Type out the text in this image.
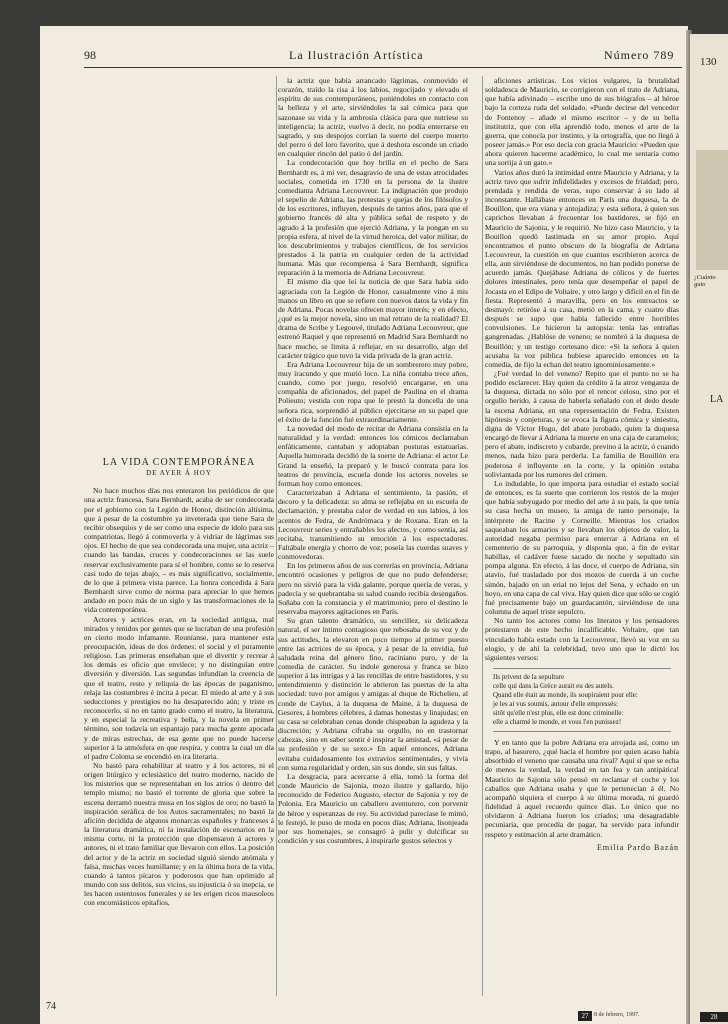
98	La Ilustración Artística	Número 789

LA VIDA CONTEMPORÁNEA

DE AYER Á HOY

No hace muchos días nos enteraron los periódicos de que una actriz francesa, Sara Bernhardt, acaba de ser condecorada por el gobierno con la Legión de Honor, distinción altísima, que á pesar de la costumbre ya inveterada que tiene Sara de recibir obsequios y de ser como una especie de ídolo para sus compatriotas, llegó á conmoverla y á vidriar de lágrimas sus ojos. El hecho de que sea condecorada una mujer, una actriz – cuando las bandas, cruces y condecoraciones se las suele reservar exclusivamente para sí el hombre, como se lo reserva casi todo de tejas abajo, – es más significativo, socialmente, de lo que á primera vista parece. La honra concedida á Sara Bernhardt sirve como de norma para apreciar lo que hemos andado en poco más de un siglo y las transformaciones de la vida contemporánea.

Actores y actrices eran, en la sociedad antigua, mal mirados y tenidos por gentes que se lucraban de una profesión en cierto modo infamante. Reuníanse, para mantener esta preocupación, ideas de dos órdenes: el social y el puramente religioso. Las primeras enseñaban que el divertir y recrear á los demás es oficio que envilece; y no distinguían entre diversión y diversión. Las segundas infundían la creencia de que el teatro, resto y reliquia de las épocas de paganismo, relaja las costumbres é incita á pecar. El miedo al arte y á sus seducciones y prestigios no ha desaparecido aún; y triste es reconocerlo, si no en tanto grado como el teatro, la literatura, y en especial la recreativa y bella, y la novela en primer término, son todavía un espantajo para mucha gente apocada y de miras estrechas, de esa gente que no puede hacerse superior á la atmósfera en que respira, y contra la cual un día el padre Coloma se encendió en ira literaria.

No bastó para rehabilitar al teatro y á los actores, ni el origen litúrgico y eclesiástico del teatro moderno, nacido de los misterios que se representaban en los atrios ó dentro del templo mismo; no bastó el torrente de gloria que sobre la escena derramó nuestra musa en los siglos de oro; no bastó la inspiración seráfica de los Autos sacramentales; no bastó la afición decidida de algunos monarcas españoles y franceses á la literatura dramática, ni la instalación de escenarios en la misma corte, ni la protección que dispensaron á actores y autores, ni el trato familiar que llevaron con ellos. La posición del actor y de la actriz en sociedad siguió siendo anómala y falsa, muchas veces humillante; y en la última hora de la vida, cuando á tantos pícaros y poderosos que han oprimido al mundo con sus delitos, sus vicios, su injusticia ó su inepcia, se les hacen ostentosos funerales y se les erigen ricos mausoleos con encomiásticos epitafios,

la actriz que había arrancado lágrimas, conmovido el corazón, traído la risa á los labios, regocijado y elevado el espíritu de sus contemporáneos, poniéndoles en contacto con la belleza y el arte, sirviéndoles la sal cómica para que sazonase su vida y la ambrosía clásica para que nutriese su inteligencia; la actriz, vuelvo á decir, no podía enterrarse en sagrado, y sus despojos corrían la suerte del cuerpo muerto del perro ó del loro favorito, que á deshora esconde un criado en cualquier rincón del patio ó del jardín.

La condecoración que hoy brilla en el pecho de Sara Bernhardt es, á mi ver, desagravio de una de estas atrocidades sociales, cometida en 1730 en la persona de la ilustre comedianta Adriana Lecouvreur. La indignación que produjo el sepelio de Adriana, las protestas y quejas de los filósofos y de los escritores, influyen, después de tantos años, para que el gobierno francés dé alta y pública señal de respeto y de agrado á la profesión que ejerció Adriana, y la pongan en su propia esfera, al nivel de la virtud heroica, del valor militar, de los descubrimientos y trabajos científicos, de los servicios prestados á la patria en cualquier orden de la actividad humana. Más que recompensa á Sara Bernhardt, significa reparación á la memoria de Adriana Lecouvreur.

El mismo día que leí la noticia de que Sara había sido agraciada con la Legión de Honor, casualmente vino á mis manos un libro en que se refiere con nuevos datos la vida y fin de Adriana. Pocas novelas ofrecen mayor interés; y en efecto, ¿qué es la mejor novela, sino un mal retrato de la realidad? El drama de Scribe y Legouvé, titulado Adriana Lecouvreur, que estrenó Raquel y que representó en Madrid Sara Bernhardt no hace mucho, se limita á reflejar, en su desarrollo, algo del carácter trágico que tuvo la vida privada de la gran actriz.

Era Adriana Lecouvreur hija de un sombrerero muy pobre, muy iracundo y que murió loco. La niña contaba trece años, cuando, como por juego, resolvió encargarse, en una compañía de aficionados, del papel de Paulina en el drama Polieuto; vestida con ropa que le prestó la doncella de una señora rica, sorprendió al público ejercitarse en su papel que el éxito de la función fué extraordinariamente.

La novedad del modo de recitar de Adriana consistía en la naturalidad y la verdad: entonces los cómicos declamaban enfáticamente, cantaban y adoptaban posturas estatuarias. Aquella humorada decidió de la suerte de Adriana: el actor Le Grand la enseñó, la preparó y le buscó contrata para los teatros de provincia, escuela donde los actores noveles se forman hoy como entonces.

Caracterizaban á Adriana el sentimiento, la pasión, el decoro y la delicadeza: su alma se reflejaba en su escuela de declamación, y prestaba calor de verdad en sus labios, á los acentos de Fedra, de Andrómaca y de Roxana. Eran en la Lecouvreur series y entrañables los afectos, y como sentía, así recitaba, transmitiendo su emoción á los espectadores. Faltábale energía y chorro de voz; poseía las cuerdas suaves y conmovedoras.

En los primeros años de sus correrías en provincia, Adriana encontró ocasiones y peligros de que no pudo defenderse; pero no sirvió para la vida galante, porque quería de veras, y padecía y se quebrantaba su salud cuando recibía desengaños. Soñaba con la constancia y el matrimonio; pero el destino le reservaba mayores agitaciones en París.

Su gran talento dramático, su sencillez, su delicadeza natural, el ser íntimo contagioso que rebosaba de su voz y de sus actitudes, la elevaron en poco tiempo al primer puesto entre las actrices de su época, y á pesar de la envidia, fué saludada reina del género fino, raciniano puro, y de la comedia de carácter. Su índole generosa y franca se hizo superior á las intrigas y á las rencillas de entre bastidores, y su entendimiento y distinción le abrieron las puertas de la alta sociedad: tuvo por amigos y amigas al duque de Richelieu, al conde de Caylus, á la duquesa de Maine, á la duquesa de Gesores, á hombres célebres, á damas honestas y linajudas; en su casa se celebraban cenas donde chispeaban la agudeza y la discreción; y Adriana cifraba su orgullo, no en trastornar cabezas, sino en saber sentir é inspirar la amistad, «á pesar de su profesión y de su sexo.» En aquel entonces, Adriana evitaba cuidadosamente los extravíos sentimentales, y vivía con suma regularidad y orden, sin sus donde, sin sus faltas.

La desgracia, para acercarse á ella, tomó la forma del conde Mauricio de Sajonia, mozo ilustre y gallardo, hijo reconocido de Federico Augusto, elector de Sajonia y rey de Polonia. Era Mauricio un caballero aventurero, con porvenir de héroe y esperanzas de rey. Su actividad parecíase le mimó, le festejó, le puso de moda en pocos días; Adriana, lisonjeada por sus homenajes, se consagró á pulir y dulcificar su condición y sus costumbres, á inspirarle gustos selectos y

aficiones artísticas. Los vicios vulgares, la brutalidad soldadesca de Mauricio, se corrigieron con el trato de Adriana, que había adivinado – escribe uno de sus biógrafos – al héroe bajo la corteza ruda del soldado. «Puede decirse del vencedor de Fontenoy – añade el mismo escritor – y de su bella institutriz, que con ella aprendió todo, menos el arte de la guerra, que conocía por instinto, y la ortografía, que no llegó á poseer jamás.» Por eso decía con gracia Mauricio: «Pueden que ahora quieren hacerme académico, lo cual me sentaría como una sortija á un gato.»

Varios años duró la intimidad entre Mauricio y Adriana, y la actriz tuvo que sufrir infidelidades y excesos de frialdad; pero, prendada y rendida de veras, supo conservar á su lado al inconstante. Hallábase entonces en París una duquesa, la de Bouillon, que era viana y antojadiza; y esta señora, á quien sus caprichos llevaban á frecuentar los bastidores, se fijó en Mauricio de Sajonia, y le requirió. No hizo caso Mauricio, y la Bouillon quedó lastimada en su amor propio. Aquí encontramos el punto obscuro de la biografía de Adriana Lecouvreur, la cuestión en que cuantos escribieron acerca de ella, aun sirviéndose de documentos, no han podido ponerse de acuerdo jamás. Quejábase Adriana de cólicos y de fuertes dolores intestinales, pero tenía que desempeñar el papel de Jocasta en el Edipo de Voltaire, y otro largo y difícil en el fin de fiesta. Representó á maravilla, pero en los entreactos se desmayó: retiróse á su casa, metió en la cama, y cuatro días después se supo que había fallecido entre horribles convulsiones. Le hicieron la autopsia: tenía las entrañas gangrenadas. ¿Hablóse de veneno; se nombró á la duquesa de Bouillón; y un testigo cortesano dice: «Si la señora á quien acusaba la voz pública hubiese aparecido entonces en la comedia, de fijo la echan del teatro ignominiosamente.»

¿Fué verdad lo del veneno? Repito que el punto no se ha podido esclarecer. Hay quien da crédito á la atroz venganza de la duquesa, dictada no sólo por el rencor celoso, sino por el orgullo herido, á causa de haberla señalado con el dedo desde la escena Adriana, en una representación de Fedra. Existen hipótesis y conjeturas, y se evoca la figura cómica y siniestra, digna de Víctor Hugo, del abate jorobado, quien la duquesa encargó de llevar á Adriana la muerte en una caja de caramelos; pero el abate, indiscreto y cobarde, previno á la actriz, ó cuando menos, nada hizo para perderla. La familia de Bouillón era poderosa é influyente en la corte, y la opinión estaba soliviantada por los rumores del crimen.

Lo indudable, lo que importa para estudiar el estado social de entonces, es la suerte que corrieron los restos de la mujer que había subyugado por medio del arte á su país, la que tenía su casa hecha un museo, la amiga de tanto personaje, la intérprete de Racine y Corneille. Mientras los criados saqueaban los armarios y se llevaban los objetos de valor, la autoridad negaba permiso para enterrar á Adriana en el cementerio de su parroquia, y disponía que, á fin de evitar habillas, el cadáver fuese sacado de noche y sepultado sin pompa alguna. En efecto, á las doce, el cuerpo de Adriana, sin atavío, fué trasladado por dos mozos de cuerda á un coche simón, bajado en un erial no lejos del Sena, y echado en un hoyo, en una capa de cal viva. Hay quien dice que sólo se cogió fué precisamente bajo un guardacantón, sirviéndose de una columna de aquel triste sepulcro.

No tanto los actores como los literatos y los pensadores protestaron de este hecho incalificable. Voltaire, que tan vinculado había estado con la Lecouvreur, llevó su voz en su elogio, y de ahí la celebridad, tuvo uno que le dictó los siguientes versos:

Ils privent de la sepulture
celle qui dans la Grèce aurait eu des autels.
Quand elle était au monde, ils soupiraient pour elle:
je les ai vus soumis, autour d'elle empressés:
sitôt qu'elle n'est plus, elle est donc criminelle:
elle a charmé le monde, et vous l'en punissez!

Y en tanto que la pobre Adriana era arrojada así, como un trapo, al basurero, ¿qué hacía el hombre por quien acaso había absorbido el veneno que causaba una rival? Aquí sí que se echa de menos la verdad, la verdad en tan fea y tan antipática! Mauricio de Sajonia sólo pensó en reclamar el coche y los caballos que Adriana usaba y que le pertenecían á él. No acompañó siquiera el cuerpo á su última morada, ni guardó fidelidad á aquel recuerdo quince días. Lo único que no olvidaron á Adriana fueron los criados; una desagradable pecuniaria, que procedía de pagar, ha servido para infundir respeto y estimación al arte dramático.

Emilia Pardo Bazán
74
27 8 de febrero, 1997.
130
¡Cuánto guto
LA
28
